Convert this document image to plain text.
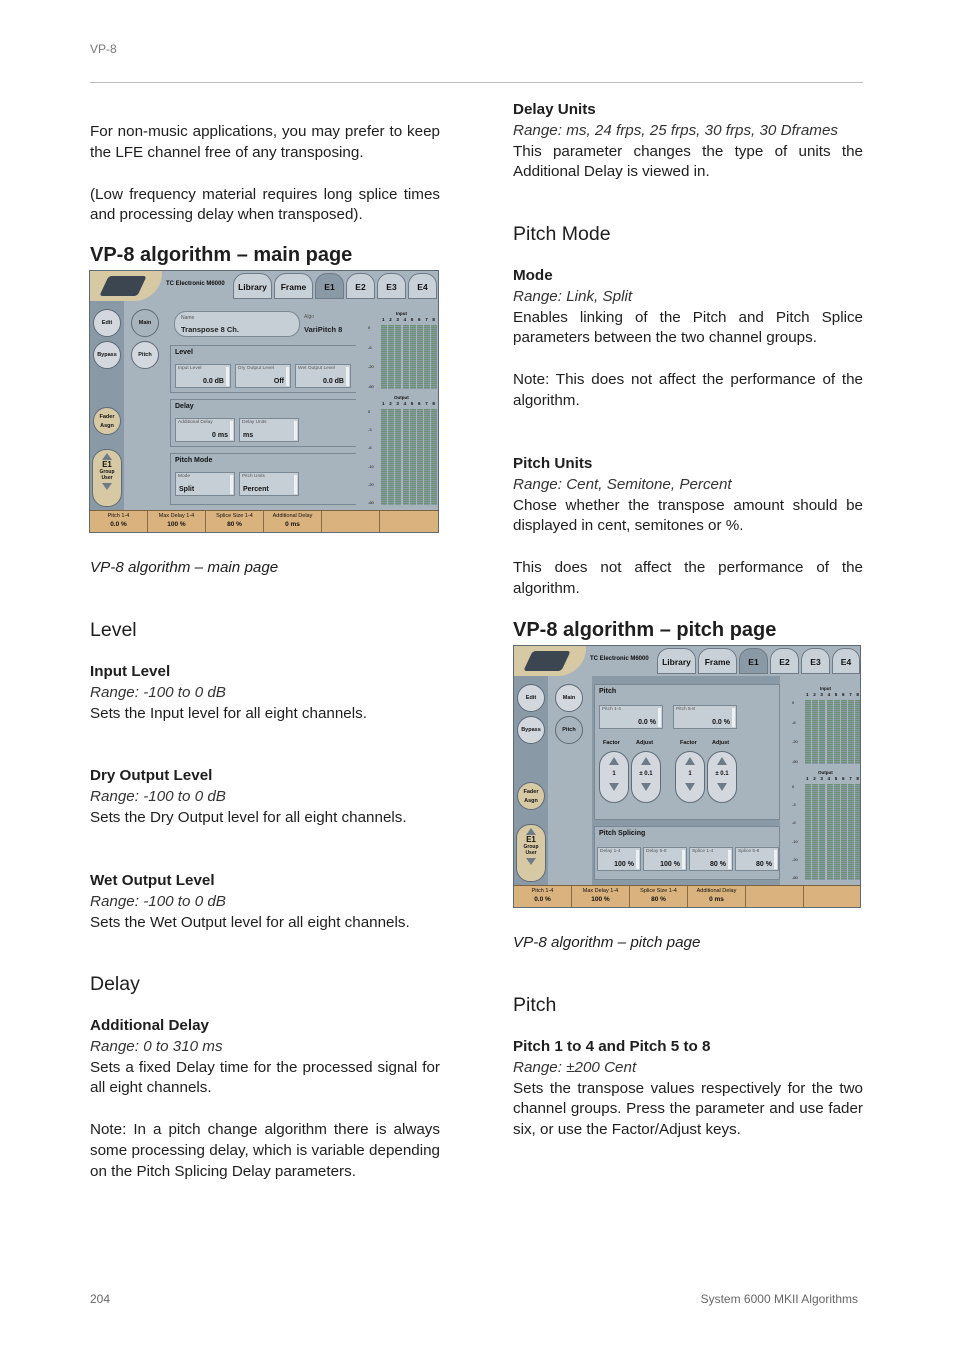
VP-8

For non-music applications, you may prefer to keep the LFE channel free of any transposing.

(Low frequency material requires long splice times and processing delay when transposed).

VP-8 algorithm – main page
TC Electronic M6000	Library	Frame	E1	E2	E3	E4
Edit	Main
Bypass	Pitch
Fader Asgn
E1
Group
User
Name
Transpose 8 Ch.
Algo
VariPitch 8
Level
Input Level
0.0 dB
Dry Output Level
Off
Wet Output Level
0.0 dB
Delay
Additional Delay
0 ms
Delay Units
ms
Pitch Mode
Mode
Split
Pitch Units
Percent
Input
Output
1 2 3 4 5 6 7 8
0
-6
-20
-60
1 2 3 4 5 6 7 8
0
-3
-6
-10
-20
-60
Pitch 1-4
0.0 %
Max Delay 1-4
100 %
Splice Size 1-4
80 %
Additional Delay
0 ms
VP-8 algorithm – main page
Level

Input Level

Range: -100 to 0 dB

Sets the Input level for all eight channels.

Dry Output Level

Range: -100 to 0 dB

Sets the Dry Output level for all eight channels.

Wet Output Level

Range: -100 to 0 dB

Sets the Wet Output level for all eight channels.

Delay

Additional Delay

Range: 0 to 310 ms

Sets a fixed Delay time for the processed signal for all eight channels.

Note: In a pitch change algorithm there is always some processing delay, which is variable depending on the Pitch Splicing Delay parameters.

Delay Units

Range: ms, 24 frps, 25 frps, 30 frps, 30 Dframes

This parameter changes the type of units the Additional Delay is viewed in.

Pitch Mode

Mode

Range: Link, Split

Enables linking of the Pitch and Pitch Splice parameters between the two channel groups.

Note: This does not affect the performance of the algorithm.

Pitch Units

Range: Cent, Semitone, Percent

Chose whether the transpose amount should be displayed in cent, semitones or %.

This does not affect the performance of the algorithm.

VP-8 algorithm – pitch page
TC Electronic M6000	Library	Frame	E1	E2	E3	E4
Edit	Main
Bypass	Pitch
Fader Asgn
E1
Group
User
Pitch
Pitch 1-4
0.0 %
Pitch 5-8
0.0 %
Factor	Adjust	Factor	Adjust
1	± 0.1	1	± 0.1
Pitch Splicing
Delay 1-4
100 %
Delay 5-8
100 %
Splice 1-4
80 %
Splice 5-8
80 %
Input
Output
1 2 3 4 5 6 7 8
0
-6
-20
-60
1 2 3 4 5 6 7 8
0
-3
-6
-10
-20
-60
Pitch 1-4
0.0 %
Max Delay 1-4
100 %
Splice Size 1-4
80 %
Additional Delay
0 ms
VP-8 algorithm – pitch page
Pitch

Pitch 1 to 4 and Pitch 5 to 8

Range: ±200 Cent

Sets the transpose values respectively for the two channel groups. Press the parameter and use fader six, or use the Factor/Adjust keys.

204	System 6000 MKII Algorithms
